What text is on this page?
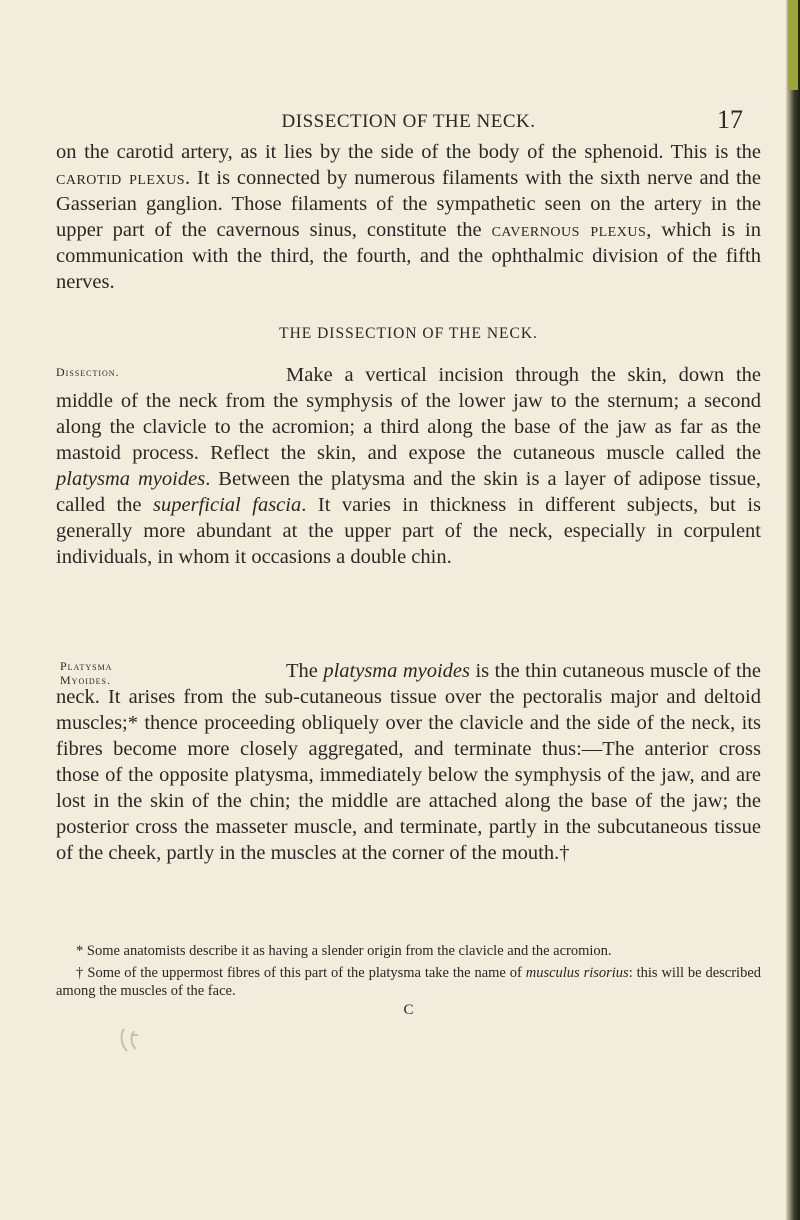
DISSECTION OF THE NECK.	17

on the carotid artery, as it lies by the side of the body of the sphenoid. This is the carotid plexus. It is connected by numerous filaments with the sixth nerve and the Gasserian ganglion. Those filaments of the sympathetic seen on the artery in the upper part of the cavernous sinus, constitute the cavernous plexus, which is in communication with the third, the fourth, and the ophthalmic division of the fifth nerves.

THE DISSECTION OF THE NECK.
Dissection.	Make a vertical incision through the skin, down the middle of the neck from the symphysis of the lower jaw to the sternum; a second along the clavicle to the acromion; a third along the base of the jaw as far as the mastoid process. Reflect the skin, and expose the cutaneous muscle called the platysma myoides. Between the platysma and the skin is a layer of adipose tissue, called the superficial fascia. It varies in thickness in different subjects, but is generally more abundant at the upper part of the neck, especially in corpulent individuals, in whom it occasions a double chin.

Platysma
Myoides.	The platysma myoides is the thin cutaneous muscle of the neck. It arises from the sub-cutaneous tissue over the pectoralis major and deltoid muscles;* thence proceeding obliquely over the clavicle and the side of the neck, its fibres become more closely aggregated, and terminate thus:—The anterior cross those of the opposite platysma, immediately below the symphysis of the jaw, and are lost in the skin of the chin; the middle are attached along the base of the jaw; the posterior cross the masseter muscle, and terminate, partly in the subcutaneous tissue of the cheek, partly in the muscles at the corner of the mouth.†

* Some anatomists describe it as having a slender origin from the clavicle and the acromion.

† Some of the uppermost fibres of this part of the platysma take the name of musculus risorius: this will be described among the muscles of the face.

C
